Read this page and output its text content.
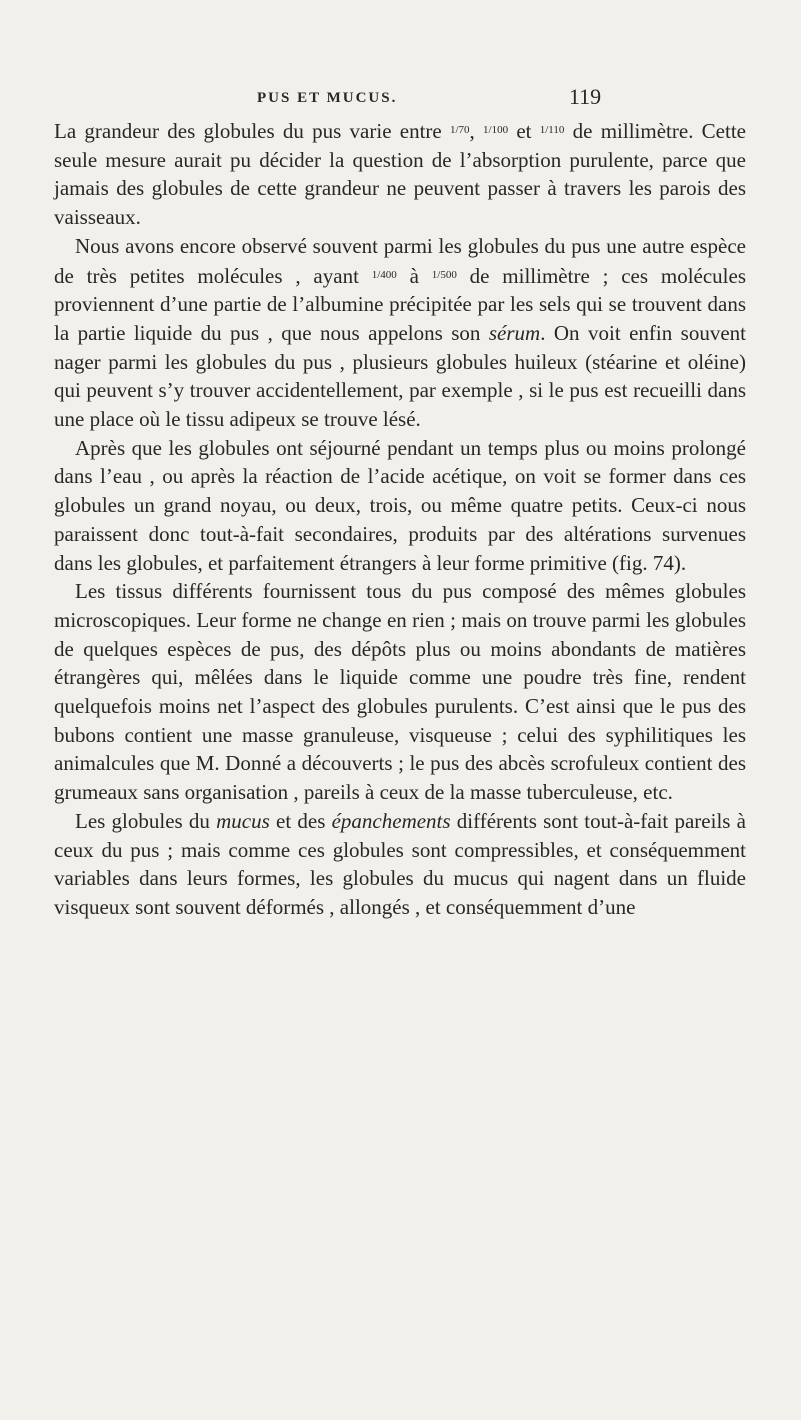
PUS ET MUCUS.	119

La grandeur des globules du pus varie entre $^{1/70}$, $^{1/100}$ et $^{1/110}$ de millimètre. Cette seule mesure aurait pu décider la question de l’absorption purulente, parce que jamais des globules de cette grandeur ne peuvent passer à travers les parois des vaisseaux.

Nous avons encore observé souvent parmi les globules du pus une autre espèce de très petites molécules , ayant $^{1/400}$ à $^{1/500}$ de millimètre ; ces molécules proviennent d’une partie de l’albumine précipitée par les sels qui se trouvent dans la partie liquide du pus , que nous appelons son sérum. On voit enfin souvent nager parmi les globules du pus , plusieurs globules huileux (stéarine et oléine) qui peuvent s’y trouver accidentellement, par exemple , si le pus est recueilli dans une place où le tissu adipeux se trouve lésé.

Après que les globules ont séjourné pendant un temps plus ou moins prolongé dans l’eau , ou après la réaction de l’acide acétique, on voit se former dans ces globules un grand noyau, ou deux, trois, ou même quatre petits. Ceux-ci nous paraissent donc tout-à-fait secondaires, produits par des altérations survenues dans les globules, et parfaitement étrangers à leur forme primitive (fig. 74).

Les tissus différents fournissent tous du pus composé des mêmes globules microscopiques. Leur forme ne change en rien ; mais on trouve parmi les globules de quelques espèces de pus, des dépôts plus ou moins abondants de matières étrangères qui, mêlées dans le liquide comme une poudre très fine, rendent quelquefois moins net l’aspect des globules purulents. C’est ainsi que le pus des bubons contient une masse granuleuse, visqueuse ; celui des syphilitiques les animalcules que M. Donné a découverts ; le pus des abcès scrofuleux contient des grumeaux sans organisation , pareils à ceux de la masse tuberculeuse, etc.

Les globules du mucus et des épanchements différents sont tout-à-fait pareils à ceux du pus ; mais comme ces globules sont compressibles, et conséquemment variables dans leurs formes, les globules du mucus qui nagent dans un fluide visqueux sont souvent déformés , allongés , et conséquemment d’une
